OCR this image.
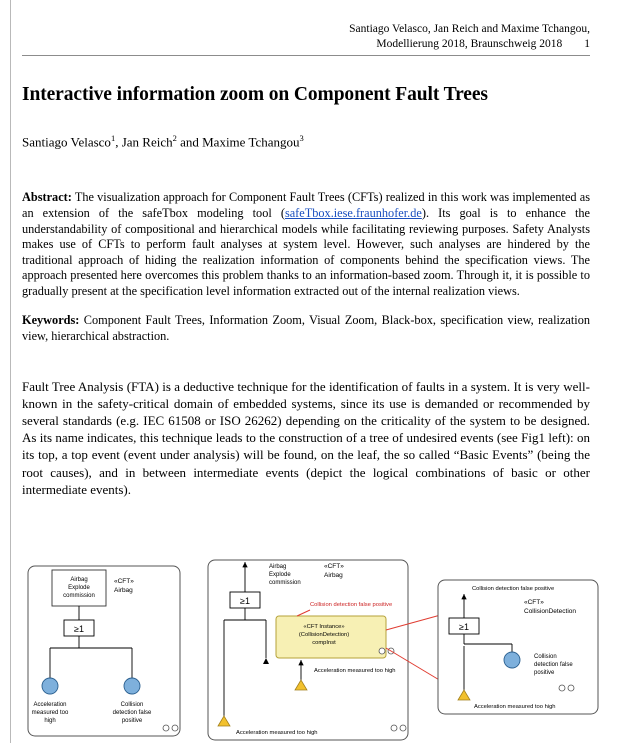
Santiago Velasco, Jan Reich and Maxime Tchangou,
Modellierung 2018, Braunschweig 2018 1
Interactive information zoom on Component Fault Trees
Santiago Velasco$^1$, Jan Reich$^2$ and Maxime Tchangou$^3$
Abstract: The visualization approach for Component Fault Trees (CFTs) realized in this work was implemented as an extension of the safeTbox modeling tool (safeTbox.iese.fraunhofer.de). Its goal is to enhance the understandability of compositional and hierarchical models while facilitating reviewing purposes. Safety Analysts makes use of CFTs to perform fault analyses at system level. However, such analyses are hindered by the traditional approach of hiding the realization information of components behind the specification views. The approach presented here overcomes this problem thanks to an information-based zoom. Through it, it is possible to gradually present at the specification level information extracted out of the internal realization views.
Keywords: Component Fault Trees, Information Zoom, Visual Zoom, Black-box, specification view, realization view, hierarchical abstraction.
Fault Tree Analysis (FTA) is a deductive technique for the identification of faults in a system. It is very well-known in the safety-critical domain of embedded systems, since its use is demanded or recommended by several standards (e.g. IEC 61508 or ISO 26262) depending on the criticality of the system to be designed. As its name indicates, this technique leads to the construction of a tree of undesired events (see Fig1 left): on its top, a top event (event under analysis) will be found, on the leaf, the so called “Basic Events” (being the root causes), and in between intermediate events (depict the logical combinations of basic or other intermediate events).
Airbag
Explode
commission
«CFT»
Airbag
≥1
Acceleration
measured too
high
Collision
detection false
positive
Airbag
Explode
commission
«CFT»
Airbag
≥1	Collision detection false positive
«CFT Instance»
(CollisionDetection)
compInst
Acceleration measured too high
Acceleration measured too high
Collision detection false positive
«CFT»
CollisionDetection
≥1
Collision
detection false
positive
Acceleration measured too high
